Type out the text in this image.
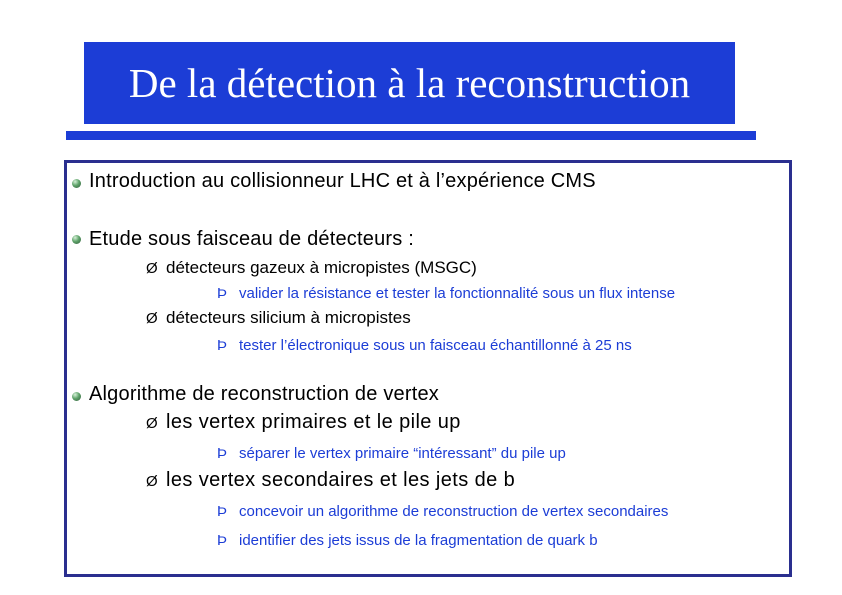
De la détection à la reconstruction
Introduction au collisionneur LHC et à l’expérience CMS
Etude sous faisceau de détecteurs :
Ø détecteurs gazeux à micropistes (MSGC)
Þ valider la résistance et tester la fonctionnalité sous un flux intense
Ø détecteurs silicium à micropistes
Þ tester l’électronique sous un faisceau échantillonné à 25 ns
Algorithme de reconstruction de vertex
Ø les vertex primaires et le pile up
Þ séparer le vertex primaire “intéressant” du pile up
Ø les vertex secondaires et les jets de b
Þ concevoir un algorithme de reconstruction de vertex secondaires
Þ identifier des jets issus de la fragmentation de quark b
